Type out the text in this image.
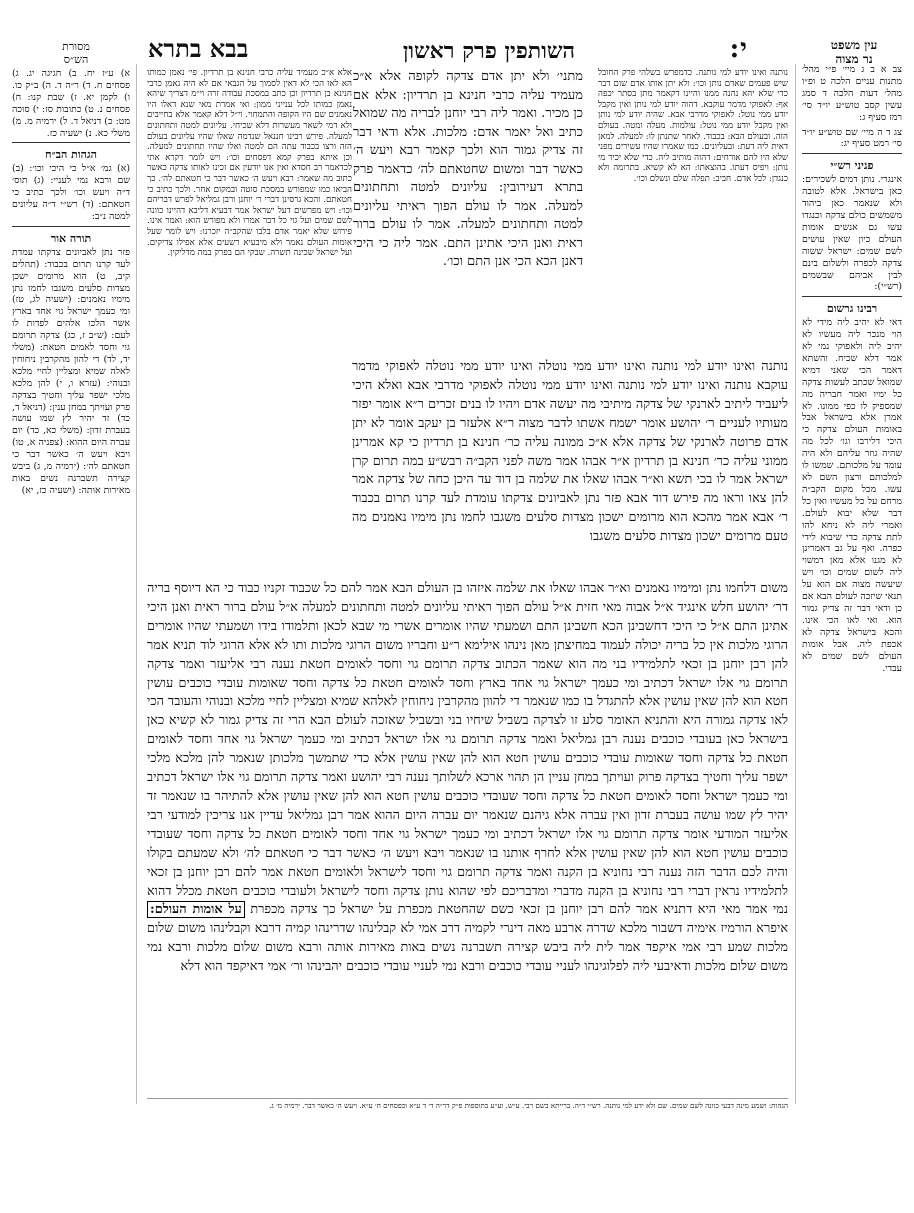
עין משפט
נר מצוה
י:
השותפין פרק ראשון
בבא בתרא
מסורת
הש״ס
צב א ב ג מיי׳ פ״י מהל׳ מתנות עניים הלכה ט ופ״ו מהל׳ דעות הלכה ד סמג עשין קסב טוש״ע יו״ד סי׳ רמז סעיף ג:
צג ד ה מיי׳ שם טוש״ע יו״ד סי׳ רמט סעיף יג:
פניני רש״י
אינגרי. נותן דמים לשכירים: כאן בישראל. אלא לטובה ולא שנאמר כאן ביהוד משמשים כולם צדקה וכנגדו עשו גם אנשים אומות העולם כיון שאין עושים לשם שמים: ישראל ששוה צדקה לכפרה ולשלום בינם לבין אביהם שבשמים (רש״י):
רבינו גרשום
דאי לא יהיב ליה מידי לא הוי מנכר ליה מעשיו לא יהיב ליה ולאפוקי נמי לא אמר דלא שכיח. והשתא דאמר הכי שאני דמיא שמואל שכתב לעשות צדקה כל ימיו ואמר חבריה מה שמספיק לו כפי ממונו. לא אמרן אלא בישראל אבל באומות העולם צדקה כי היכי דלירבו וגו׳ לכל מה שהיה גוזר עליהם ולא היה עומד על מלכותם. שמשו לו למלכותם ורצון השם לא עשו. מכל מקום הקב״ה מרחם על כל מעשיו ואין כל דבר שלא יבוא לעולם. ואמרי ליה לא ניחא להו לתת צדקה כדי שיבוא לידי כפרה. ואף על גב דאמרינן לא מגנו אלא מאן דמשוי ליה לשום שמים וכו׳ ויש שיעשה מצוה אם הוא על תנאי שיזכה לעולם הבא אם כן ודאי דבר זה צדיק גמור הוא. ואי לאו הכי אינו. והכא בישראל צדקה לא אכפת ליה. אבל אומות העולם לשם שמים לא עבדי.
נותנה ואינו יודע למי נותנה. כדמפרש בשלהי פרק החובל שיש פעמים שאדם נותן וכו׳: ולא יתן אותו אדם שום דבר כדי שלא יהא נהנה ממנו והיינו דקאמר מתן בסתר יכפה אף: לאפוקי מדמר עוקבא. דהוה יודע למי נותן ואין מקבל יודע ממי נוטל: לאפוקי מדרבי אבא. שהיה יודע למי נותן ואין מקבל יודע ממי נוטל: עולמות. מעלה ומטה. בעולם הזה. ובעולם הבא: בכבוד. לאחר שתנתן לו: למעלה. למאן דאית ליה דעת: ובעליונים. כמו שאמרו שהיו עשירים מפני שלא היו להם אורחים: דהוה מותיב ליה. כדי שלא יכיר מי נותן: ויפיס דעתו. בהוצאתו: הא לא קשיא. בתרומה ולא כנגדן: לכל אדם. חביב: תפלה שלם ונשלם וכו׳.
מתני׳ ולא יתן אדם צדקה לקופה אלא א״כ מעמיד עליה כרבי חנינא בן תרדיון: אלא אם כן מכיר. ואמר ליה רבי יוחנן לבריה מה שמואל כתיב ואל יאמר אדם: מלכות. אלא ודאי דבר זה צדיק גמור הוא ולכך קאמר רבא ויעש ה׳ כאשר דבר ומשום שחטאתם לה׳ כדאמר פרק בתרא דעירובין: עליונים למטה ותחתונים למעלה. אמר לו עולם הפוך ראיתי עליונים למטה ותחתונים למעלה. אמר לו עולם ברור ראית ואנן היכי אתינן התם. אמר ליה כי היכי דאנן הכא הכי אנן התם וכו׳.
אלא א״כ מעמיד עליה כרבי חנינא בן תרדיון. פי׳ נאמן כמותו הא לאו הכי לא דאין לסמוך על הגבאי אם לא היה נאמן כרבי חנינא בן תרדיון וכן כתב במסכת עבודה זרה וי״מ דצריך שיהא נאמן כמותו לכל ענייני ממון: ואי אמרת מאי שנא דאלו היו נאמנים שם היו הקופה והתמחוי. וי״ל דלא קאמר אלא בחייבים ולא דמי לשאר מעשרות דלא שכיחי. עליונים למטה ותחתונים למעלה. פירש רבינו חננאל שנדמה שאלו שהיו עליונים בעולם הזה ורצו בכבוד עתה הם למטה ואלו שהיו תחתונים למעלה. וכן איתא בפרק קמא דפסחים וכו׳: ויש לומר דקרא אתי לכדאמר רב חסדא ואין אנו יודעין אם זכינו לאותו צדקה כאשר כתוב מה שאמר: רבא ויעש ה׳ כאשר דבר כי חטאתם לה׳. כך הביאו כמו שמפורש במסכת סוטה ובמקום אחר. ולכך כתיב כי חטאתם. והכא גרסינן דברי ר׳ יוחנן ורבן גמליאל לפרש דבריהם וכו׳: ויש מפרשים דעל ישראל אמר דבעיא דליבא דהיינו כוונה לשם שמים ועל גוי כל דבר אמרו ולא מפורש הוא: ואמר אינו. פירוש שלא יאמר אדם בלבו שהקב״ה יזכרנו: ויש לומר שעל אומות העולם נאמר ולא מיבעיא רשעים אלא אפילו צדיקים. ועל ישראל שכינה תשרה. שבקי הם בפרק במה מדליקין.

נותנה ואינו יודע למי נותנה ואינו יודע ממי נוטלה ואינו יודע ממי נוטלה לאפוקי מדמר עוקבא נותנה ואינו יודע למי נותנה ואינו יודע ממי נוטלה לאפוקי מדרבי אבא ואלא היכי ליעביד ליתיב לארנקי של צדקה מיתיבי מה יעשה אדם ויהיו לו בנים זכרים ר״א אומר יפזר מעותיו לעניים ר׳ יהושע אומר ישמח אשתו לדבר מצוה ר״א אלעזר בן יעקב אומר לא יתן אדם פרוטה לארנקי של צדקה אלא א״כ ממונה עליה כר׳ חנינא בן תרדיון כי קא אמרינן ממוני עליה כר׳ חנינא בן תרדיון א״ר אבהו אמר משה לפני הקב״ה רבש״ע במה תרום קרן ישראל אמר לו בכי תשא וא״ר אבהו שאלו את שלמה בן דוד עד היכן כחה של צדקה אמר להן צאו וראו מה פירש דוד אבא פזר נתן לאביונים צדקתו עומדת לעד קרנו תרום בכבוד ר׳ אבא אמר מהכא הוא מרומים ישכון מצדות סלעים משגבו לחמו נתן מימיו נאמנים מה טעם מרומים ישכון מצדות סלעים משגבו

משום דלחמו נתן ומימיו נאמנים וא״ר אבהו שאלו את שלמה איזהו בן העולם הבא אמר להם כל שכבוד זקניו כבוד כי הא דיוסף בריה דר׳ יהושע חלש אינגיד א״ל אבוה מאי חזית א״ל עולם הפוך ראיתי עליונים למטה ותחתונים למעלה א״ל עולם ברור ראית ואנן היכי אתינן התם א״ל כי היכי דחשבינן הכא חשבינן התם ושמעתי שהיו אומרים אשרי מי שבא לכאן ותלמודו בידו ושמעתי שהיו אומרים הרוגי מלכות אין כל בריה יכולה לעמוד במחיצתן מאן נינהו אילימא ר״ע וחבריו משום הרוגי מלכות ותו לא אלא הרוגי לוד תניא אמר להן רבן יוחנן בן זכאי לתלמידיו בני מה הוא שאמר הכתוב צדקה תרומם גוי וחסד לאומים חטאת נענה רבי אליעזר ואמר צדקה תרומם גוי אלו ישראל דכתיב ומי כעמך ישראל גוי אחד בארץ וחסד לאומים חטאת כל צדקה וחסד שאומות עובדי כוכבים עושין חטא הוא להן שאין עושין אלא להתגדל בו כמו שנאמר די להוון מהקרבין ניחוחין לאלהא שמיא ומצליין לחיי מלכא ובנוהי והעובד הכי לאו צדקה גמורה היא והתניא האומר סלע זו לצדקה בשביל שיחיו בני ובשביל שאזכה לעולם הבא הרי זה צדיק גמור לא קשיא כאן בישראל כאן בעובדי כוכבים נענה רבן גמליאל ואמר צדקה תרומם גוי אלו ישראל דכתיב ומי כעמך ישראל גוי אחד וחסד לאומים חטאת כל צדקה וחסד שאומות עובדי כוכבים עושין חטא הוא להן שאין עושין אלא כדי שתמשך מלכותן שנאמר להן מלכא מלכי ישפר עליך וחטיך בצדקה פרוק ועויתך במחן עניין הן תהוי ארכא לשלותך נענה רבי יהושע ואמר צדקה תרומם גוי אלו ישראל דכתיב ומי כעמך ישראל וחסד לאומים חטאת כל צדקה וחסד שעובדי כוכבים עושין חטא הוא להן שאין עושין אלא להתיהר בו שנאמר זד יהיר לץ שמו עושה בעברת זדון ואין עברה אלא גיהנם שנאמר יום עברה היום ההוא אמר רבן גמליאל עדיין אנו צריכין למודעי רבי אליעזר המודעי אומר צדקה תרומם גוי אלו ישראל דכתיב ומי כעמך ישראל גוי אחד וחסד לאומים חטאת כל צדקה וחסד שעובדי כוכבים עושין חטא הוא להן שאין עושין אלא לחרף אותנו בו שנאמר ויבא ויעש ה׳ כאשר דבר כי חטאתם לה׳ ולא שמעתם בקולו והיה לכם הדבר הזה נענה רבי נחוניא בן הקנה ואמר צדקה תרומם גוי וחסד לישראל ולאומים חטאת אמר להם רבן יוחנן בן זכאי לתלמידיו נראין דברי רבי נחוניא בן הקנה מדברי ומדבריכם לפי שהוא נותן צדקה וחסד לישראל ולעובדי כוכבים חטאת מכלל דהוא נמי אמר מאי היא דתניא אמר להם רבן יוחנן בן זכאי כשם שהחטאת מכפרת על ישראל כך צדקה מכפרת על אומות העולם: איפרא הורמיז אימיה דשבור מלכא שדרה ארבע מאה דינרי לקמיה דרב אמי לא קבלינהו שדרינהו קמיה דרבא וקבלינהו משום שלום מלכות שמע רבי אמי איקפד אמר לית ליה ביבש קצירה תשברנה נשים באות מאירות אותה ורבא משום שלום מלכות ורבא נמי משום שלום מלכות ודאיבעי ליה לפלוגינהו לעניי עובדי כוכבים ורבא נמי לעניי עובדי כוכבים יהבינהו ור׳ אמי דאיקפד הוא דלא

הגהות: ושמע מינה דבעי כוונה לשם שמים. שם ולא ידע למי נותנה. רש״י ד״ה. ברייתא בשם רבי. ע״ש. וע״ע בתוספות פ״ק דר״ה ד׳ ד ע״א ובפסחים ח׳ ע״א. ויעש ה׳ כאשר דבר. ירמיה מ׳ ג.
א) ע״ז יח. ב) חגיגה יג. ג) פסחים ח. ד) ר״ה ד. ה) ב״ק כו. ו) לקמן יא. ז) שבת קנו: ח) פסחים נ. ט) כתובות סז: י) סוכה מט: כ) דניאל ד. ל) ירמיה מ. מ) משלי כא. נ) ישעיה כז.
הגהות הב״ח
(א) גמ׳ א״ל כי היכי וכו׳: (ב) שם ורבא נמי לעניי: (ג) תוס׳ ד״ה ויעש וכו׳ ולכך כתיב כי חטאתם: (ד) רש״י ד״ה עליונים למטה נ״ב:
תורה אור
פזר נתן לאביונים צדקתו עמדת לעד קרנו תרום בכבוד: (תהלים קיב, ט) הוא מרומים ישכן מצדות סלעים משגבו לחמו נתן מימיו נאמנים: (ישעיה לג, טז) ומי כעמך ישראל גוי אחד בארץ אשר הלכו אלהים לפדות לו לעם: (ש״ב ז, כג) צדקה תרומם גוי וחסד לאמים חטאת: (משלי יד, לד) די להון מהקרבין ניחוחין לאלה שמיא ומצליין לחיי מלכא ובנוהי: (עזרא ו, י) להן מלכא מלכי ישפר עליך וחטיך בצדקה פרק ועויתך במחן ענין: (דניאל ד, כד) זד יהיר לץ שמו עושה בעברת זדון: (משלי כא, כד) יום עברה היום ההוא: (צפניה א, טו) ויבא ויעש ה׳ כאשר דבר כי חטאתם לה׳: (ירמיה מ, ג) ביבש קצירה תשברנה נשים באות מאירות אותה: (ישעיה כז, יא)
